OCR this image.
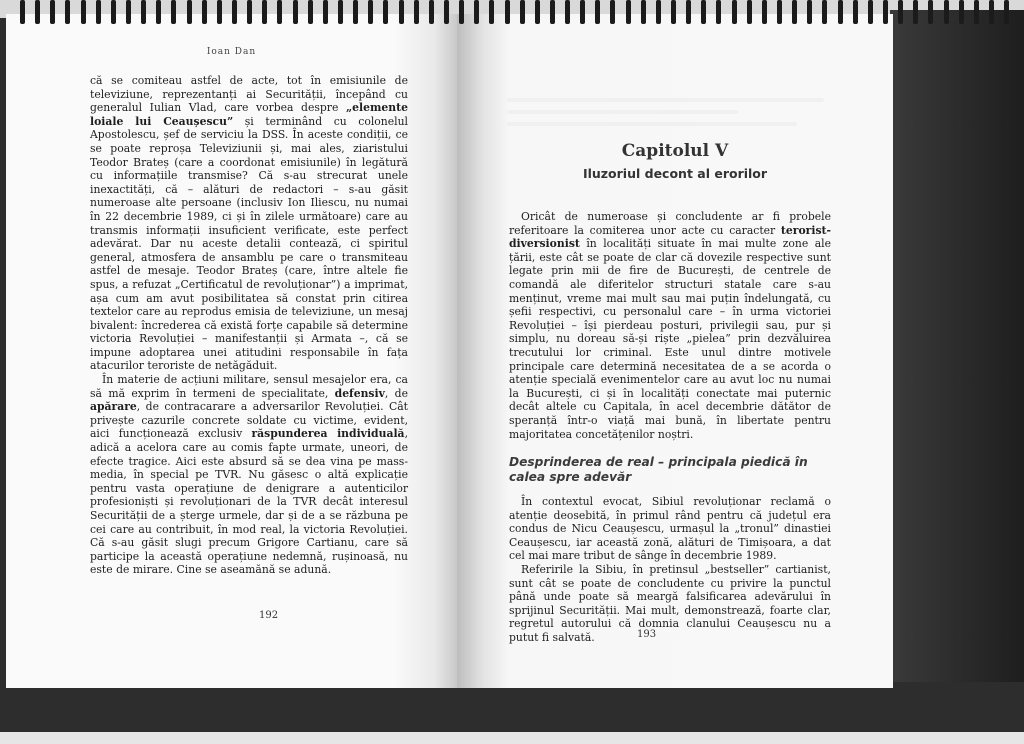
Ioan Dan

că se comiteau astfel de acte, tot în emisiunile de televiziune, reprezentanți ai Securității, începând cu generalul Iulian Vlad, care vorbea despre „elemente loiale lui Ceaușescu” și terminând cu colonelul Apostolescu, șef de serviciu la DSS. În aceste condiții, ce se poate reproșa Televiziunii și, mai ales, ziaristului Teodor Brateș (care a coordonat emisiunile) în legătură cu informațiile transmise? Că s-au strecurat unele inexactități, că – alături de redactori – s-au găsit numeroase alte persoane (inclusiv Ion Iliescu, nu numai în 22 decembrie 1989, ci și în zilele următoare) care au transmis informații insuficient verificate, este perfect adevărat. Dar nu aceste detalii contează, ci spiritul general, atmosfera de ansamblu pe care o transmiteau astfel de mesaje. Teodor Brateș (care, între altele fie spus, a refuzat „Certificatul de revoluționar”) a imprimat, așa cum am avut posibilitatea să constat prin citirea textelor care au reprodus emisia de televiziune, un mesaj bivalent: încrederea că există forțe capabile să determine victoria Revoluției – manifestanții și Armata –, că se impune adoptarea unei atitudini responsabile în fața atacurilor teroriste de netăgăduit.

În materie de acțiuni militare, sensul mesajelor era, ca să mă exprim în termeni de specialitate, defensiv, de apărare, de contracarare a adversarilor Revoluției. Cât privește cazurile concrete soldate cu victime, evident, aici funcționează exclusiv răspunderea individuală, adică a acelora care au comis fapte urmate, uneori, de efecte tragice. Aici este absurd să se dea vina pe mass-media, în special pe TVR. Nu găsesc o altă explicație pentru vasta operațiune de denigrare a autenticilor profesioniști și revoluționari de la TVR decât interesul Securității de a șterge urmele, dar și de a se răzbuna pe cei care au contribuit, în mod real, la victoria Revoluției. Că s-au găsit slugi precum Grigore Cartianu, care să participe la această operațiune nedemnă, rușinoasă, nu este de mirare. Cine se aseamănă se adună.

192
Capitolul V
Iluzoriul decont al erorilor

Oricât de numeroase și concludente ar fi probele referitoare la comiterea unor acte cu caracter terorist-diversionist în localități situate în mai multe zone ale țării, este cât se poate de clar că dovezile respective sunt legate prin mii de fire de București, de centrele de comandă ale diferitelor structuri statale care s-au menținut, vreme mai mult sau mai puțin îndelungată, cu șefii respectivi, cu personalul care – în urma victoriei Revoluției – își pierdeau posturi, privilegii sau, pur și simplu, nu doreau să-și riște „pielea” prin dezvăluirea trecutului lor criminal. Este unul dintre motivele principale care determină necesitatea de a se acorda o atenție specială evenimentelor care au avut loc nu numai la București, ci și în localități conectate mai puternic decât altele cu Capitala, în acel decembrie dătător de speranță într-o viață mai bună, în libertate pentru majoritatea concetățenilor noștri.

Desprinderea de real – principala piedică în calea spre adevăr

În contextul evocat, Sibiul revoluționar reclamă o atenție deosebită, în primul rând pentru că județul era condus de Nicu Ceaușescu, urmașul la „tronul” dinastiei Ceaușescu, iar această zonă, alături de Timișoara, a dat cel mai mare tribut de sânge în decembrie 1989.

Referirile la Sibiu, în pretinsul „bestseller” cartianist, sunt cât se poate de concludente cu privire la punctul până unde poate să meargă falsificarea adevărului în sprijinul Securității. Mai mult, demonstrează, foarte clar, regretul autorului că domnia clanului Ceaușescu nu a putut fi salvată.	193
